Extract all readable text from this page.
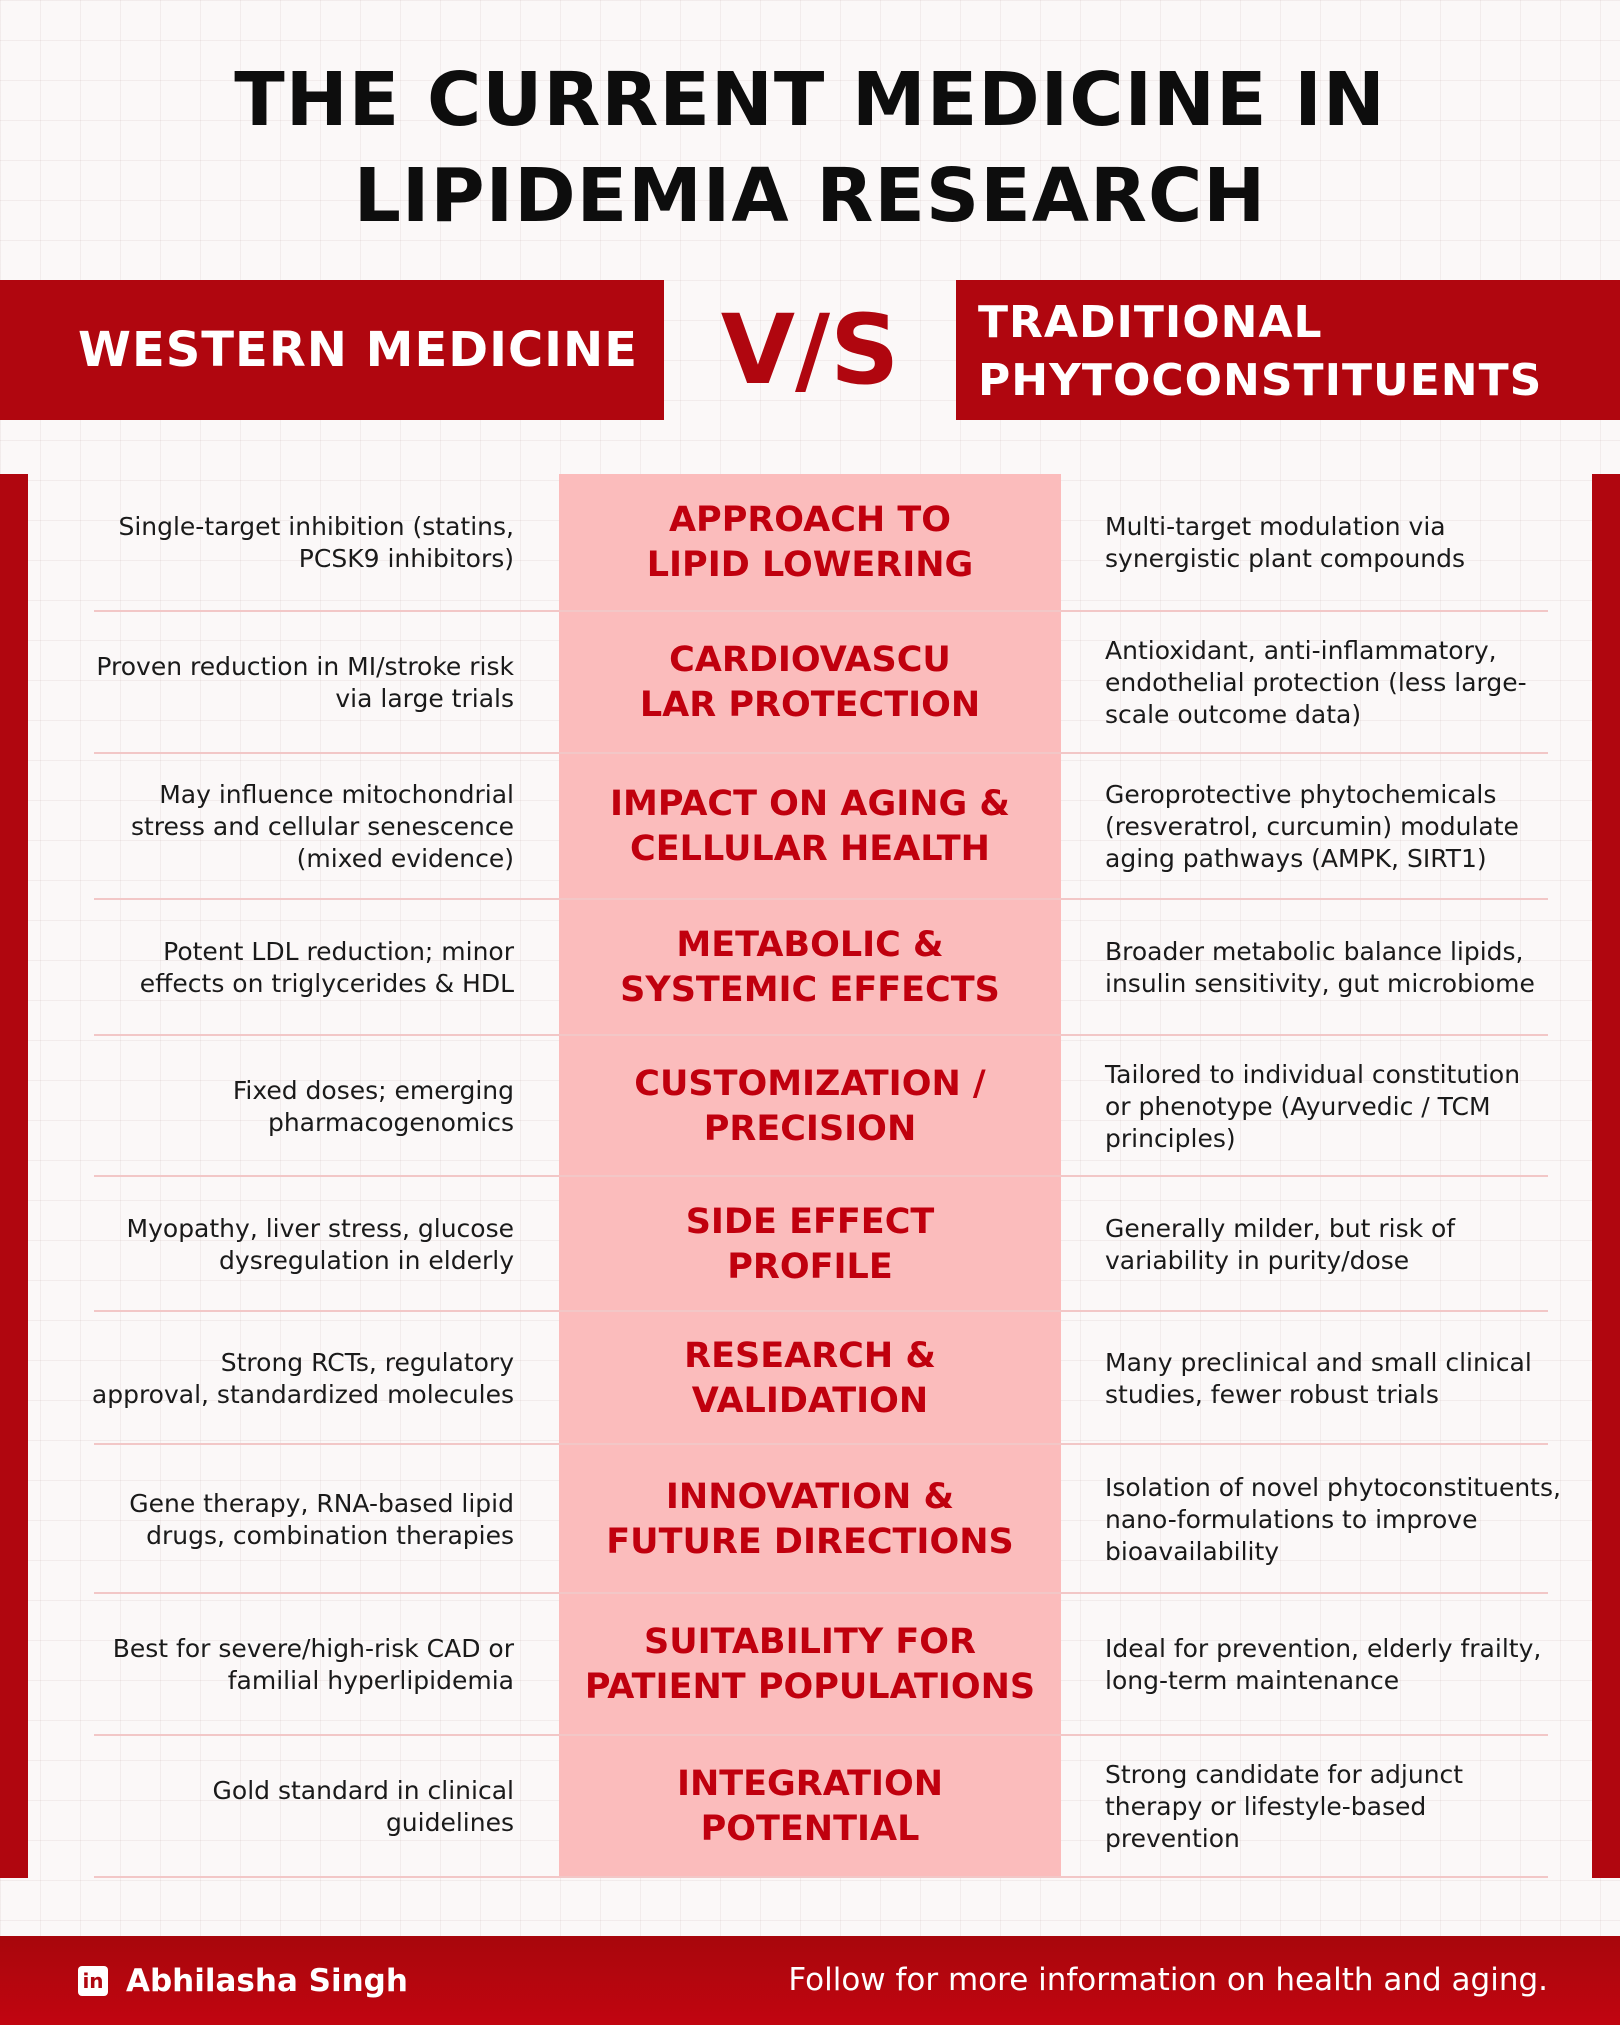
THE CURRENT MEDICINE IN
LIPIDEMIA RESEARCH
WESTERN MEDICINE V/S	TRADITIONAL
PHYTOCONSTITUENTS
Single-target inhibition (statins,
PCSK9 inhibitors)
APPROACH TO
LIPID LOWERING
Multi-target modulation via
synergistic plant compounds
Proven reduction in MI/stroke risk
via large trials
CARDIOVASCU
LAR PROTECTION
Antioxidant, anti-inflammatory,
endothelial protection (less large-
scale outcome data)
May influence mitochondrial
stress and cellular senescence
(mixed evidence)
IMPACT ON AGING &
CELLULAR HEALTH
Geroprotective phytochemicals
(resveratrol, curcumin) modulate
aging pathways (AMPK, SIRT1)
Potent LDL reduction; minor
effects on triglycerides & HDL
METABOLIC &
SYSTEMIC EFFECTS
Broader metabolic balance lipids,
insulin sensitivity, gut microbiome
Fixed doses; emerging
pharmacogenomics
CUSTOMIZATION /
PRECISION
Tailored to individual constitution
or phenotype (Ayurvedic / TCM
principles)
Myopathy, liver stress, glucose
dysregulation in elderly
SIDE EFFECT
PROFILE
Generally milder, but risk of
variability in purity/dose
Strong RCTs, regulatory
approval, standardized molecules
RESEARCH &
VALIDATION
Many preclinical and small clinical
studies, fewer robust trials
Gene therapy, RNA-based lipid
drugs, combination therapies
INNOVATION &
FUTURE DIRECTIONS
Isolation of novel phytoconstituents,
nano-formulations to improve
bioavailability
Best for severe/high-risk CAD or
familial hyperlipidemia
SUITABILITY FOR
PATIENT POPULATIONS
Ideal for prevention, elderly frailty,
long-term maintenance
Gold standard in clinical
guidelines
INTEGRATION
POTENTIAL
Strong candidate for adjunct
therapy or lifestyle-based
prevention
in Abhilasha Singh	Follow for more information on health and aging.
